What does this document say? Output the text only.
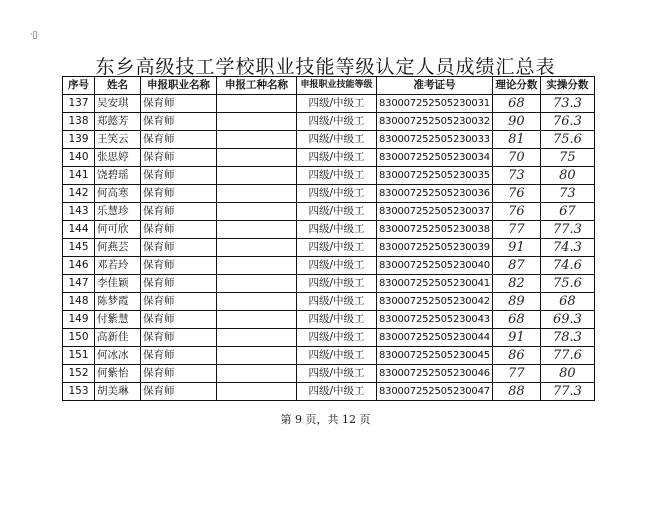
·ﾞ
东乡高级技工学校职业技能等级认定人员成绩汇总表
序号	姓名	申报职业名称	申报工种名称	申报职业技能等级	准考证号	理论分数	实操分数
137	吴安琪	保育师		四级/中级工	830007252505230031	68	73.3
138	郑懿芳	保育师		四级/中级工	830007252505230032	90	76.3
139	王笑云	保育师		四级/中级工	830007252505230033	81	75.6
140	张思婷	保育师		四级/中级工	830007252505230034	70	75
141	饶碧瑶	保育师		四级/中级工	830007252505230035	73	80
142	何高寒	保育师		四级/中级工	830007252505230036	76	73
143	乐慧珍	保育师		四级/中级工	830007252505230037	76	67
144	何可欣	保育师		四级/中级工	830007252505230038	77	77.3
145	何燕芸	保育师		四级/中级工	830007252505230039	91	74.3
146	邓若玲	保育师		四级/中级工	830007252505230040	87	74.6
147	李佳颖	保育师		四级/中级工	830007252505230041	82	75.6
148	陈梦霞	保育师		四级/中级工	830007252505230042	89	68
149	付紫慧	保育师		四级/中级工	830007252505230043	68	69.3
150	高新佳	保育师		四级/中级工	830007252505230044	91	78.3
151	何冰冰	保育师		四级/中级工	830007252505230045	86	77.6
152	何紫怡	保育师		四级/中级工	830007252505230046	77	80
153	胡美琳	保育师		四级/中级工	830007252505230047	88	77.3
第 9 页，共 12 页
